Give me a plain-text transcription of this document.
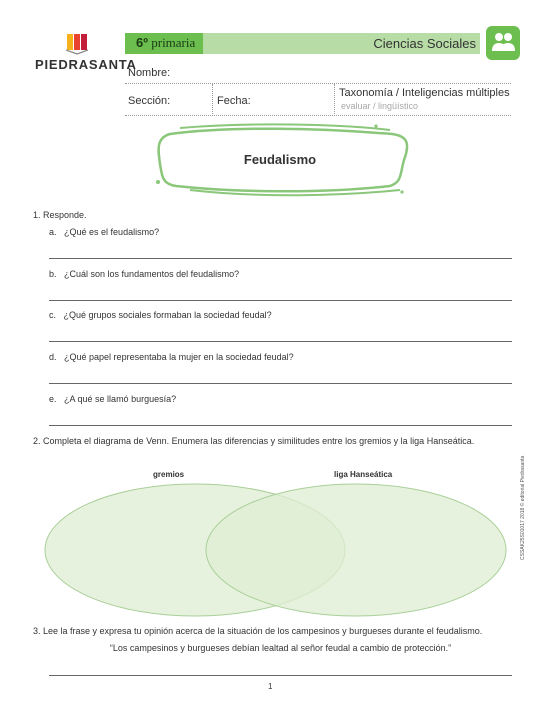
PIEDRASANTA
6º primaria	Ciencias Sociales
Nombre:
Sección:	Fecha:
Taxonomía / Inteligencias múltiples
evaluar / lingüístico
Feudalismo
1. Responde.
a. ¿Qué es el feudalismo?
b. ¿Cuál son los fundamentos del feudalismo?
c. ¿Qué grupos sociales formaban la sociedad feudal?
d. ¿Qué papel representaba la mujer en la sociedad feudal?
e. ¿A qué se llamó burguesía?
2. Completa el diagrama de Venn. Enumera las diferencias y similitudes entre los gremios y la liga Hanseática.
gremios	liga Hanseática
3. Lee la frase y expresa tu opinión acerca de la situación de los campesinos y burgueses durante el feudalismo.
“Los campesinos y burgueses debían lealtad al señor feudal a cambio de protección.”
1
CSSAK25S01017 2018 © editorial Piedrasanta
